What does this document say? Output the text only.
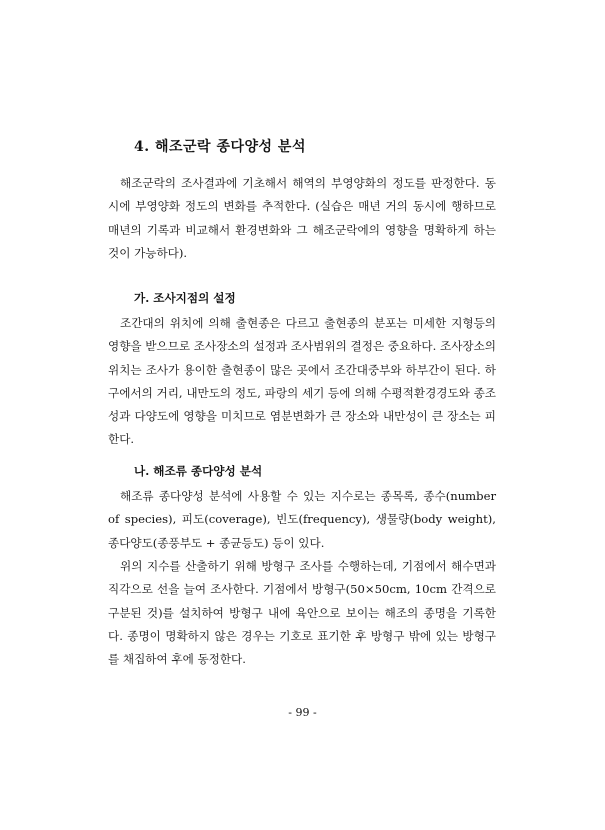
4. 해조군락 종다양성 분석

해조군락의 조사결과에 기초해서 해역의 부영양화의 정도를 판정한다. 동시에 부영양화 정도의 변화를 추적한다. (실습은 매년 거의 동시에 행하므로 매년의 기록과 비교해서 환경변화와 그 해조군락에의 영향을 명확하게 하는 것이 가능하다).

가. 조사지점의 설정

조간대의 위치에 의해 출현종은 다르고 출현종의 분포는 미세한 지형등의 영향을 받으므로 조사장소의 설정과 조사범위의 결정은 중요하다. 조사장소의 위치는 조사가 용이한 출현종이 많은 곳에서 조간대중부와 하부간이 된다. 하구에서의 거리, 내만도의 정도, 파랑의 세기 등에 의해 수평적환경경도와 종조성과 다양도에 영향을 미치므로 염분변화가 큰 장소와 내만성이 큰 장소는 피한다.

나. 해조류 종다양성 분석

해조류 종다양성 분석에 사용할 수 있는 지수로는 종목록, 종수(number of species), 피도(coverage), 빈도(frequency), 생물량(body weight), 종다양도(종풍부도 + 종균등도) 등이 있다.

위의 지수를 산출하기 위해 방형구 조사를 수행하는데, 기점에서 해수면과 직각으로 선을 늘여 조사한다. 기점에서 방형구(50×50cm, 10cm 간격으로 구분된 것)를 설치하여 방형구 내에 육안으로 보이는 해조의 종명을 기록한다. 종명이 명확하지 않은 경우는 기호로 표기한 후 방형구 밖에 있는 방형구를 채집하여 후에 동정한다.

- 99 -
